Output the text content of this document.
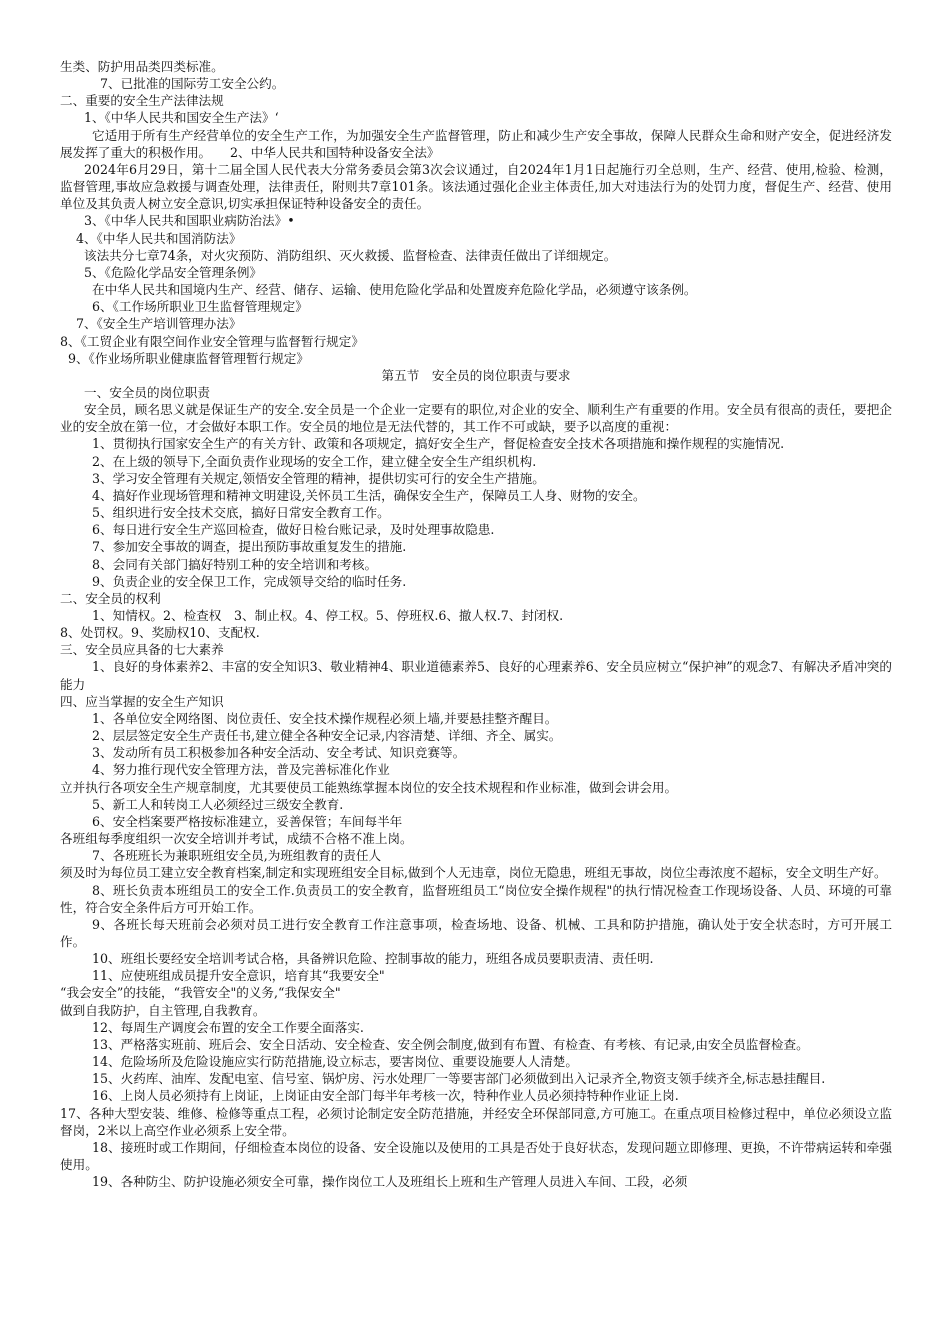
生类、防护用品类四类标准。

7、已批准的国际劳工安全公约。

二、重要的安全生产法律法规

1、《中华人民共和国安全生产法》‘

它适用于所有生产经营单位的安全生产工作，为加强安全生产监督管理，防止和减少生产安全事故，保障人民群众生命和财产安全，促进经济发展发挥了重大的积极作用。　　2、中华人民共和国特种设备安全法》

2024年6月29日，第十二届全国人民代表大分常务委员会第3次会议通过，自2024年1月1日起施行刃全总则，生产、经营、使用,检验、检测，监督管理,事故应急救援与调查处理，法律责任，附则共7章101条。该法通过强化企业主体责任,加大对违法行为的处罚力度，督促生产、经营、使用单位及其负责人树立安全意识,切实承担保证特种设备安全的责任。

3、《中华人民共和国职业病防治法》•

4、《中华人民共和国消防法》

该法共分七章74条，对火灾预防、消防组织、灭火救援、监督检查、法律责任做出了详细规定。

5、《危险化学品安全管理条例》

在中华人民共和国境内生产、经营、储存、运输、使用危险化学品和处置废弃危险化学品，必须遵守该条例。

6、《工作场所职业卫生监督管理规定》

7、《安全生产培训管理办法》

8、《工贸企业有限空间作业安全管理与监督暂行规定》

9、《作业场所职业健康监督管理暂行规定》

第五节　安全员的岗位职责与要求

一、安全员的岗位职责

安全员，顾名思义就是保证生产的安全.安全员是一个企业一定要有的职位,对企业的安全、顺利生产有重要的作用。安全员有很高的责任，要把企业的安全放在第一位，才会做好本职工作。安全员的地位是无法代替的，其工作不可或缺，要予以高度的重视：

1、贯彻执行国家安全生产的有关方针、政策和各项规定，搞好安全生产，督促检查安全技术各项措施和操作规程的实施情况.

2、在上级的领导下,全面负责作业现场的安全工作，建立健全安全生产组织机构.

3、学习安全管理有关规定,领悟安全管理的精神，提供切实可行的安全生产措施。

4、搞好作业现场管理和精神文明建设,关怀员工生活，确保安全生产，保障员工人身、财物的安全。

5、组织进行安全技术交底，搞好日常安全教育工作。

6、每日进行安全生产巡回检查，做好日检台账记录，及时处理事故隐患.

7、参加安全事故的调查，提出预防事故重复发生的措施.

8、会同有关部门搞好特别工种的安全培训和考核。

9、负责企业的安全保卫工作，完成领导交给的临时任务.

二、安全员的权利

1、知情权。2、检查权　3、制止权。4、停工权。5、停班权.6、撤人权.7、封闭权.

8、处罚权。9、奖励权10、支配权.

三、安全员应具备的七大素养

1、良好的身体素养2、丰富的安全知识3、敬业精神4、职业道德素养5、良好的心理素养6、安全员应树立“保护神”的观念7、有解决矛盾冲突的能力

四、应当掌握的安全生产知识

1、各单位安全网络图、岗位责任、安全技术操作规程必须上墙,并要悬挂整齐醒目。

2、层层签定安全生产责任书,建立健全各种安全记录,内容清楚、详细、齐全、属实。

3、发动所有员工积极参加各种安全活动、安全考试、知识竞赛等。

4、努力推行现代安全管理方法，普及完善标准化作业

立并执行各项安全生产规章制度，尤其要使员工能熟练掌握本岗位的安全技术规程和作业标准，做到会讲会用。

5、新工人和转岗工人必须经过三级安全教育.

6、安全档案要严格按标准建立，妥善保管；车间每半年

各班组每季度组织一次安全培训并考试，成绩不合格不准上岗。

7、各班班长为兼职班组安全员,为班组教育的责任人

须及时为每位员工建立安全教育档案,制定和实现班组安全目标,做到个人无违章，岗位无隐患，班组无事故，岗位尘毒浓度不超标，安全文明生产好。

8、班长负责本班组员工的安全工作.负责员工的安全教育，监督班组员工“岗位安全操作规程"的执行情况检查工作现场设备、人员、环境的可靠性，符合安全条件后方可开始工作。

9、各班长每天班前会必须对员工进行安全教育工作注意事项，检查场地、设备、机械、工具和防护措施，确认处于安全状态时，方可开展工作。

10、班组长要经安全培训考试合格，具备辨识危险、控制事故的能力，班组各成员要职责清、责任明.

11、应使班组成员提升安全意识，培育其“我要安全"

“我会安全”的技能，“我管安全"的义务,“我保安全"

做到自我防护，自主管理,自我教育。

12、每周生产调度会布置的安全工作要全面落实.

13、严格落实班前、班后会、安全日活动、安全检查、安全例会制度,做到有布置、有检查、有考核、有记录,由安全员监督检查。

14、危险场所及危险设施应实行防范措施,设立标志，要害岗位、重要设施要人人清楚。

15、火药库、油库、发配电室、信号室、锅炉房、污水处理厂一等要害部门必须做到出入记录齐全,物资支领手续齐全,标志悬挂醒目.

16、上岗人员必须持有上岗证，上岗证由安全部门每半年考核一次，特种作业人员必须持特种作业证上岗.

17、各种大型安装、维修、检修等重点工程，必须讨论制定安全防范措施，并经安全环保部同意,方可施工。在重点项目检修过程中，单位必须设立监督岗，2米以上高空作业必须系上安全带。

18、接班时或工作期间，仔细检查本岗位的设备、安全设施以及使用的工具是否处于良好状态，发现问题立即修理、更换，不许带病运转和牵强使用。

19、各种防尘、防护设施必须安全可靠，操作岗位工人及班组长上班和生产管理人员进入车间、工段，必须
